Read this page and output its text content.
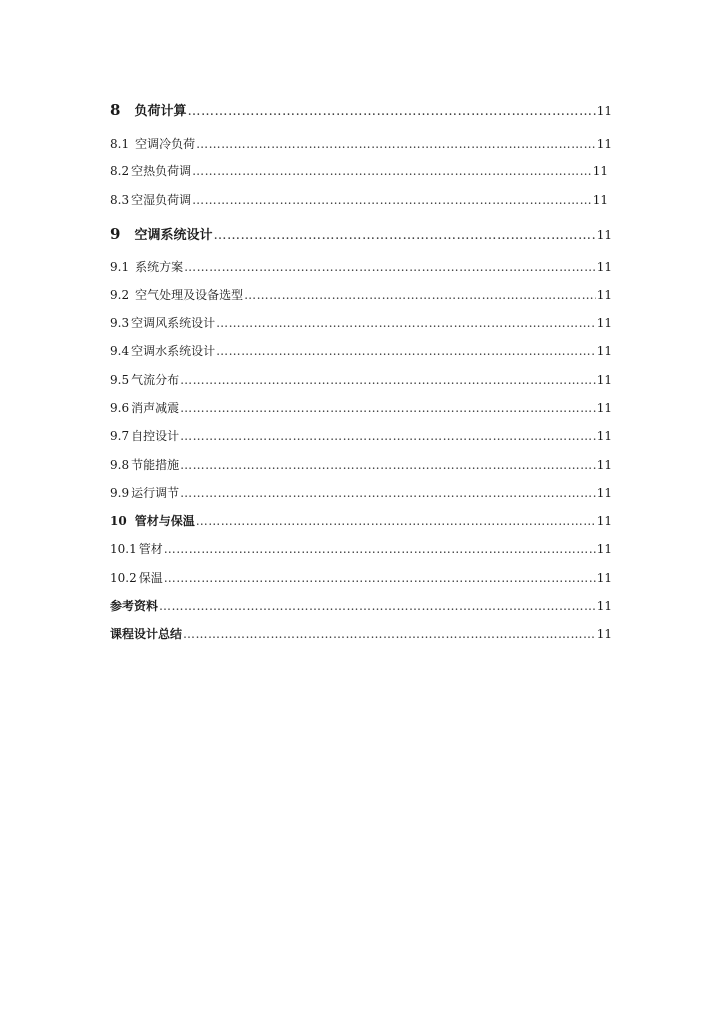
8 负荷计算 …………………………………………………………………………………………………………………………………………………………………………	11
8.1 空调冷负荷 …………………………………………………………………………………………………………………………………………………………………………	11
8.2 空热负荷调 …………………………………………………………………………………………………………………………………………………………………………	11
8.3 空湿负荷调 …………………………………………………………………………………………………………………………………………………………………………	11
9 空调系统设计 …………………………………………………………………………………………………………………………………………………………………………	11
9.1 系统方案 …………………………………………………………………………………………………………………………………………………………………………	11
9.2 空气处理及设备选型 …………………………………………………………………………………………………………………………………………………………………………	11
9.3 空调风系统设计 …………………………………………………………………………………………………………………………………………………………………………	11
9.4 空调水系统设计 …………………………………………………………………………………………………………………………………………………………………………	11
9.5 气流分布 …………………………………………………………………………………………………………………………………………………………………………	11
9.6 消声减震 …………………………………………………………………………………………………………………………………………………………………………	11
9.7 自控设计 …………………………………………………………………………………………………………………………………………………………………………	11
9.8 节能措施 …………………………………………………………………………………………………………………………………………………………………………	11
9.9 运行调节 …………………………………………………………………………………………………………………………………………………………………………	11
10 管材与保温 …………………………………………………………………………………………………………………………………………………………………………	11
10.1 管材 …………………………………………………………………………………………………………………………………………………………………………	11
10.2 保温 …………………………………………………………………………………………………………………………………………………………………………	11
参考资料 …………………………………………………………………………………………………………………………………………………………………………	11
课程设计总结 …………………………………………………………………………………………………………………………………………………………………………	11
